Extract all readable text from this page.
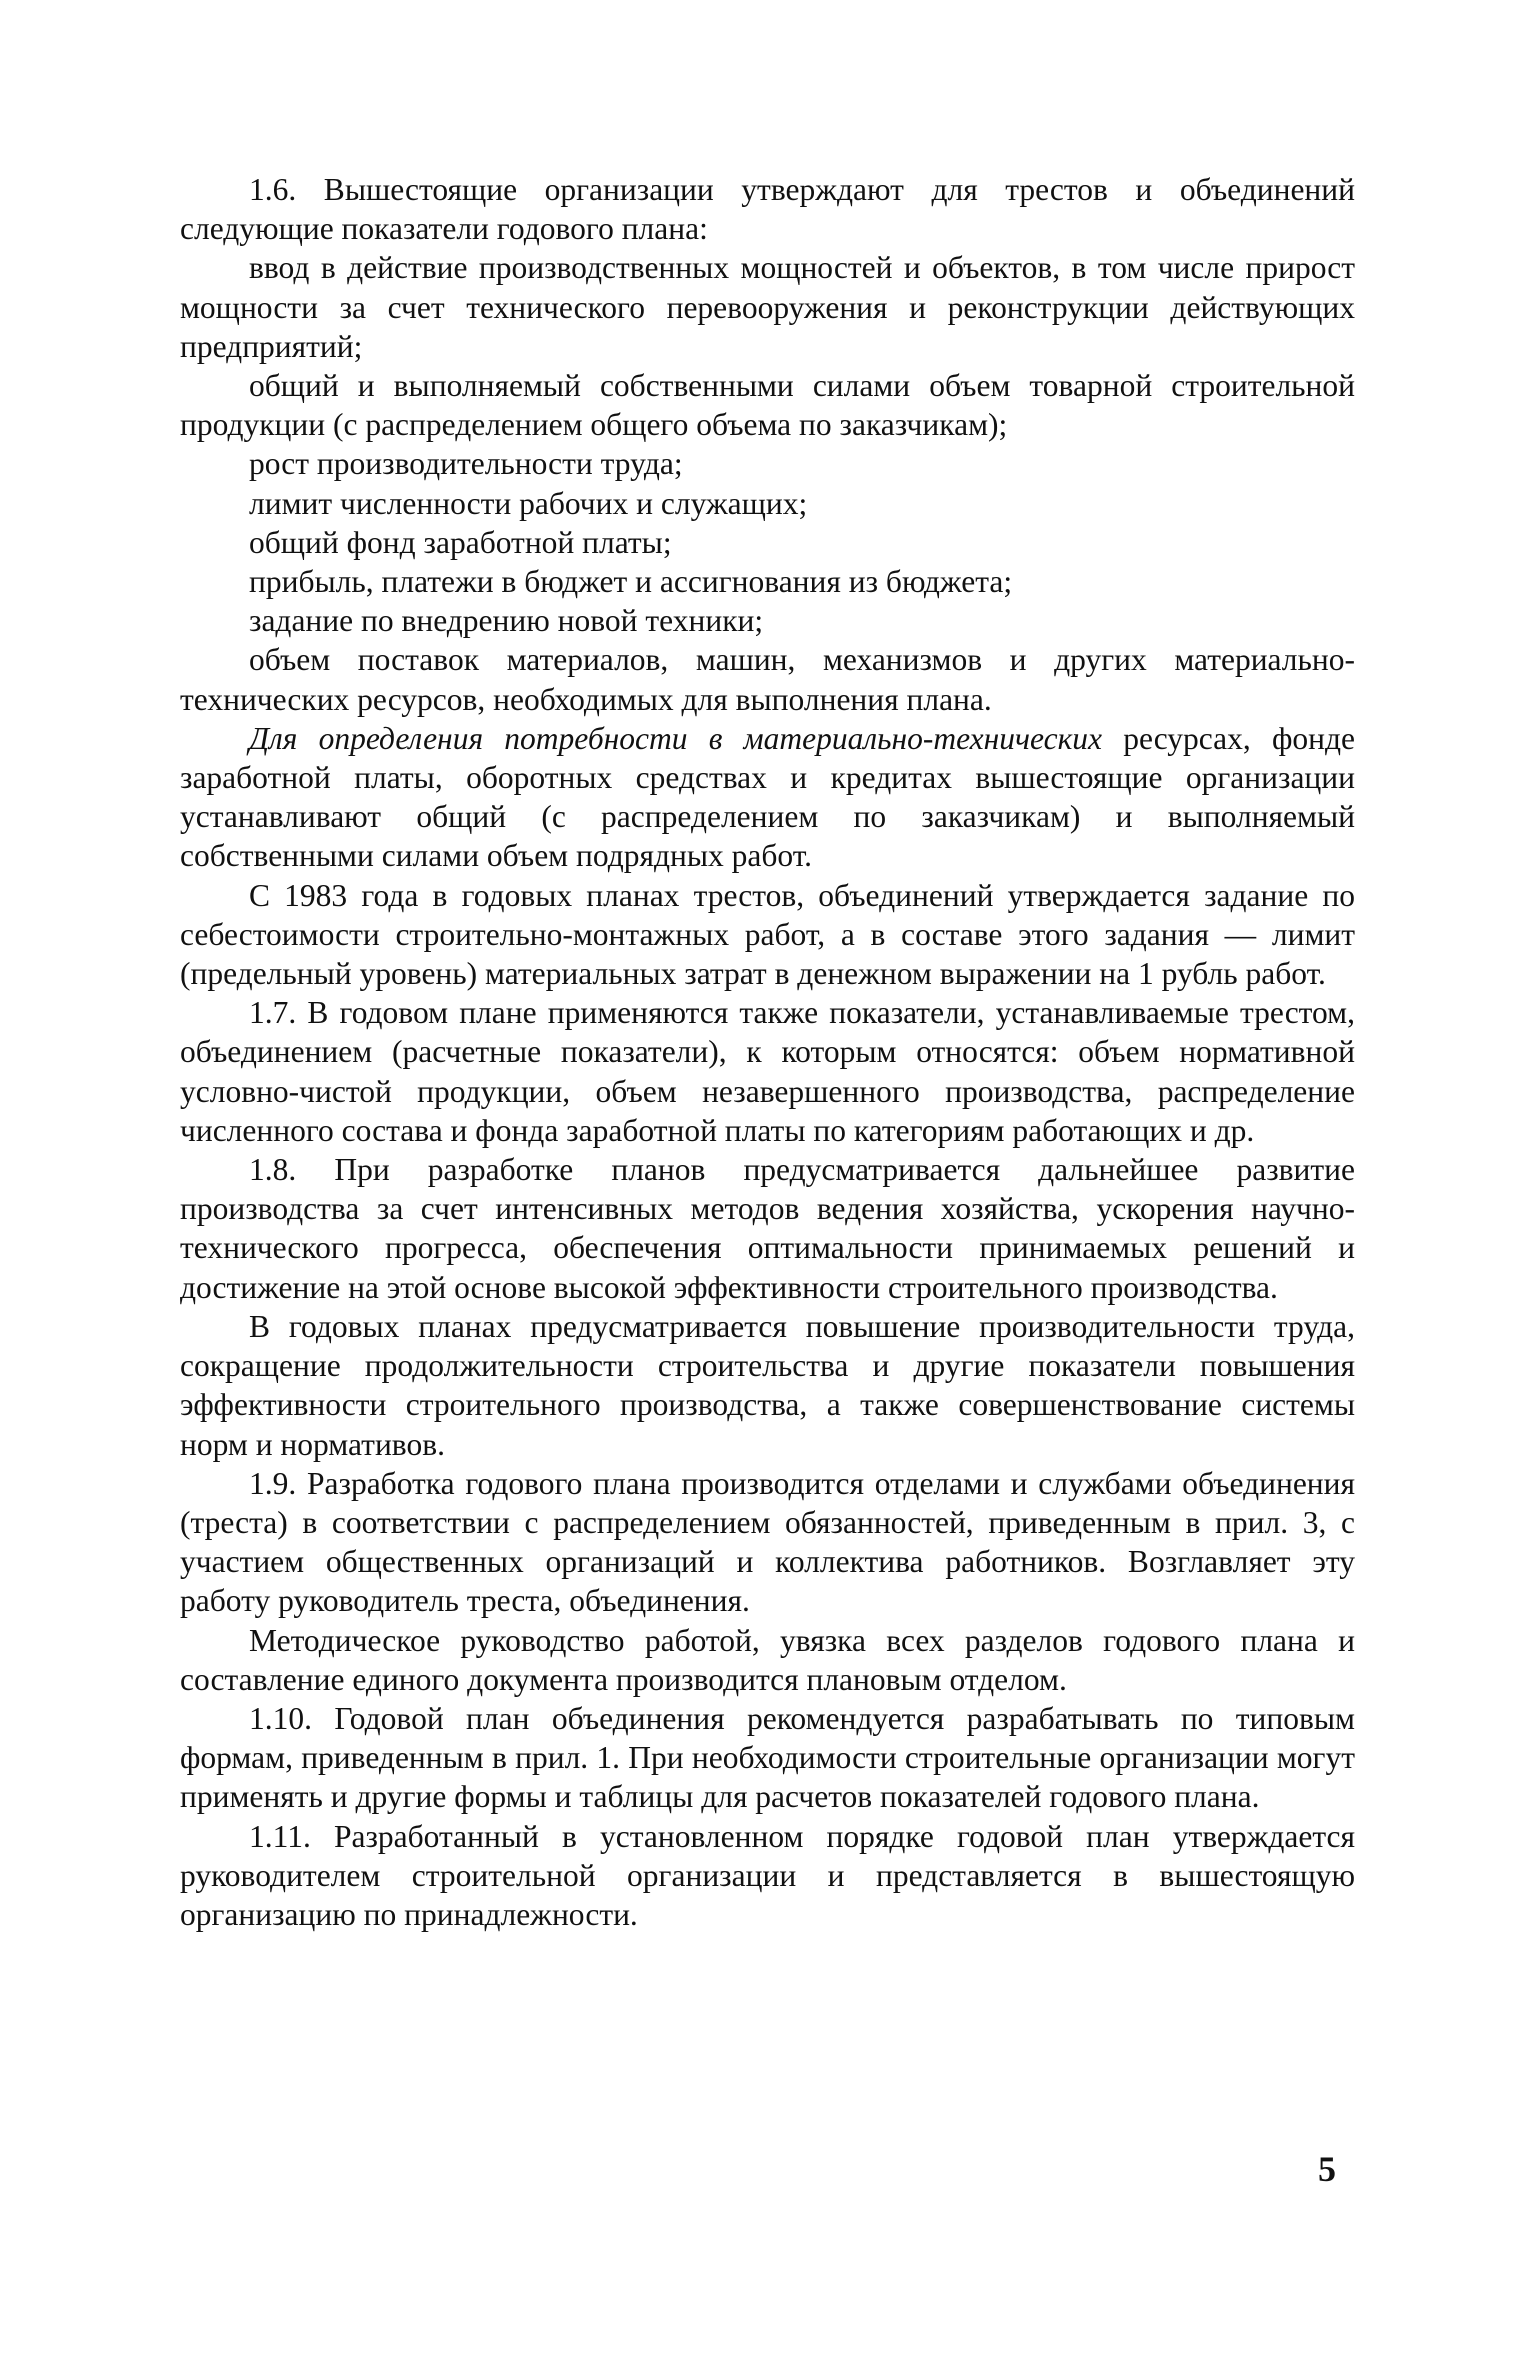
1.6. Вышестоящие организации утверждают для трестов и объединений следующие показатели годового плана:

ввод в действие производственных мощностей и объектов, в том числе прирост мощности за счет технического перевооружения и реконструкции действующих предприятий;

общий и выполняемый собственными силами объем товарной строительной продукции (с распределением общего объема по заказчикам);

рост производительности труда;

лимит численности рабочих и служащих;

общий фонд заработной платы;

прибыль, платежи в бюджет и ассигнования из бюджета;

задание по внедрению новой техники;

объем поставок материалов, машин, механизмов и других материально-технических ресурсов, необходимых для выполнения плана.

Для определения потребности в материально-технических ресурсах, фонде заработной платы, оборотных средствах и кредитах вышестоящие организации устанавливают общий (с распределением по заказчикам) и выполняемый собственными силами объем подрядных работ.

С 1983 года в годовых планах трестов, объединений утверждается задание по себестоимости строительно-монтажных работ, а в составе этого задания — лимит (предельный уровень) материальных затрат в денежном выражении на 1 рубль работ.

1.7. В годовом плане применяются также показатели, устанавливаемые трестом, объединением (расчетные показатели), к которым относятся: объем нормативной условно-чистой продукции, объем незавершенного производства, распределение численного состава и фонда заработной платы по категориям работающих и др.

1.8. При разработке планов предусматривается дальнейшее развитие производства за счет интенсивных методов ведения хозяйства, ускорения научно-технического прогресса, обеспечения оптимальности принимаемых решений и достижение на этой основе высокой эффективности строительного производства.

В годовых планах предусматривается повышение производительности труда, сокращение продолжительности строительства и другие показатели повышения эффективности строительного производства, а также совершенствование системы норм и нормативов.

1.9. Разработка годового плана производится отделами и службами объединения (треста) в соответствии с распределением обязанностей, приведенным в прил. 3, с участием общественных организаций и коллектива работников. Возглавляет эту работу руководитель треста, объединения.

Методическое руководство работой, увязка всех разделов годового плана и составление единого документа производится плановым отделом.

1.10. Годовой план объединения рекомендуется разрабатывать по типовым формам, приведенным в прил. 1. При необходимости строительные организации могут применять и другие формы и таблицы для расчетов показателей годового плана.

1.11. Разработанный в установленном порядке годовой план утверждается руководителем строительной организации и представляется в вышестоящую организацию по принадлежности.

5
